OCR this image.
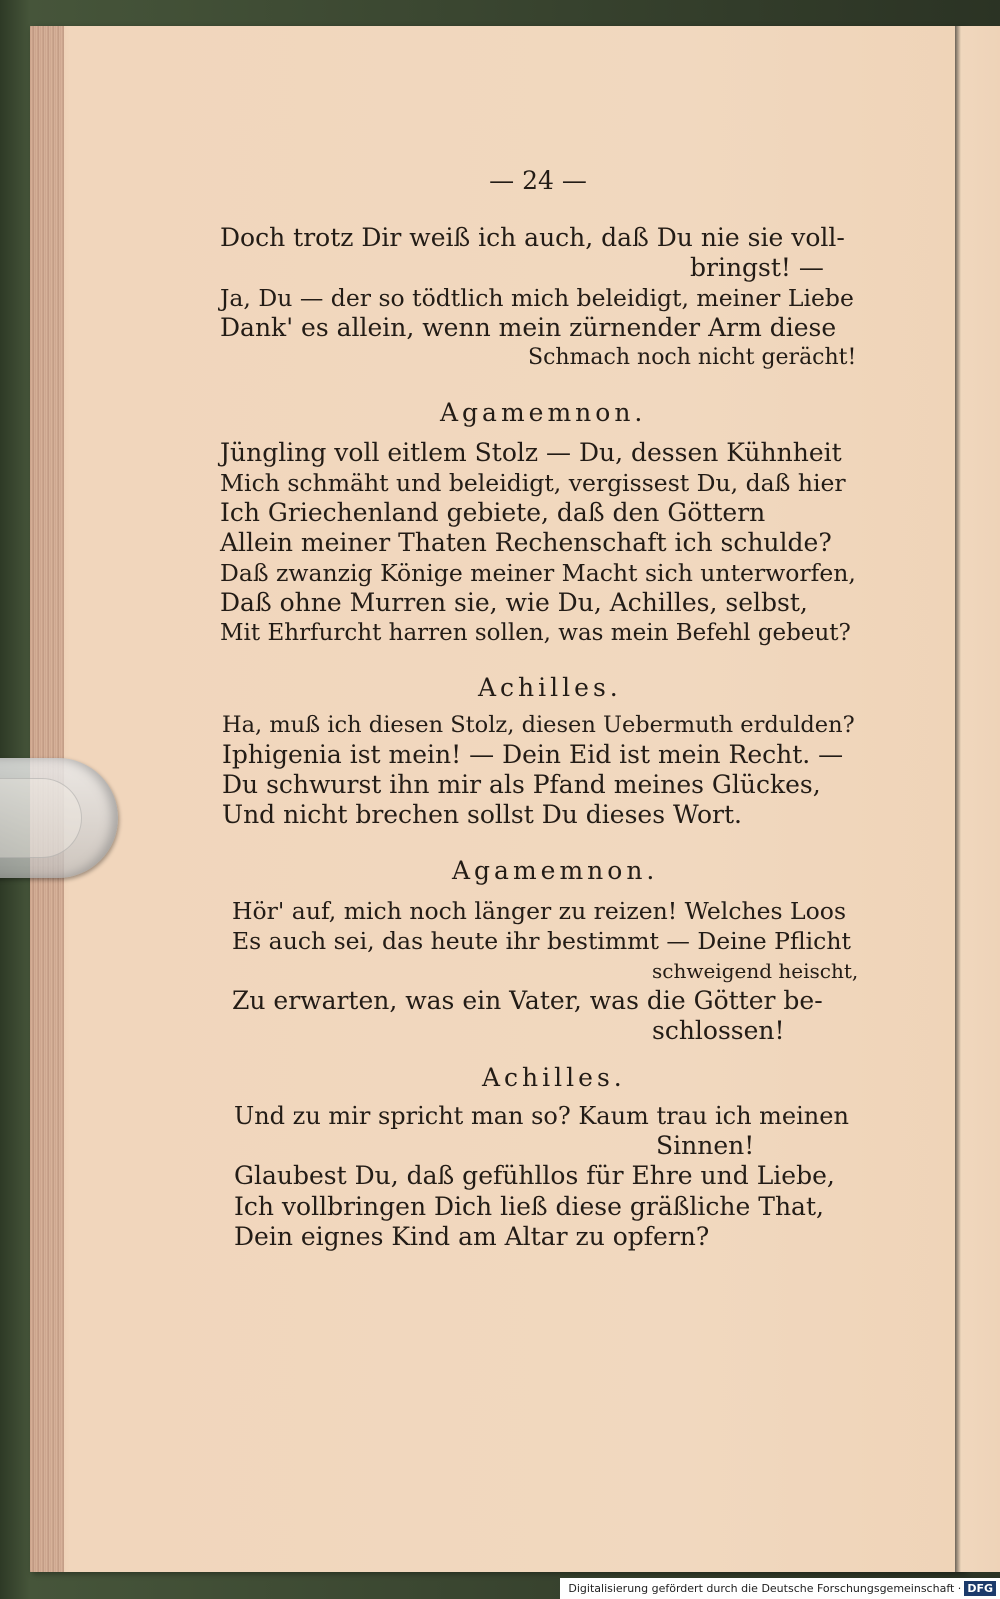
— 24 —
Doch trotz Dir weiß ich auch, daß Du nie sie voll-
bringst! —
Ja, Du — der so tödtlich mich beleidigt, meiner Liebe
Dank' es allein, wenn mein zürnender Arm diese
Schmach noch nicht gerächt!
Agamemnon.
Jüngling voll eitlem Stolz — Du, dessen Kühnheit
Mich schmäht und beleidigt, vergissest Du, daß hier
Ich Griechenland gebiete, daß den Göttern
Allein meiner Thaten Rechenschaft ich schulde?
Daß zwanzig Könige meiner Macht sich unterworfen,
Daß ohne Murren sie, wie Du, Achilles, selbst,
Mit Ehrfurcht harren sollen, was mein Befehl gebeut?
Achilles.
Ha, muß ich diesen Stolz, diesen Uebermuth erdulden?
Iphigenia ist mein! — Dein Eid ist mein Recht. —
Du schwurst ihn mir als Pfand meines Glückes,
Und nicht brechen sollst Du dieses Wort.
Agamemnon.
Hör' auf, mich noch länger zu reizen! Welches Loos
Es auch sei, das heute ihr bestimmt — Deine Pflicht
schweigend heischt,
Zu erwarten, was ein Vater, was die Götter be-
schlossen!
Achilles.
Und zu mir spricht man so? Kaum trau ich meinen
Sinnen!
Glaubest Du, daß gefühllos für Ehre und Liebe,
Ich vollbringen Dich ließ diese gräßliche That,
Dein eignes Kind am Altar zu opfern?
Digitalisierung gefördert durch die Deutsche Forschungsgemeinschaft · DFG
